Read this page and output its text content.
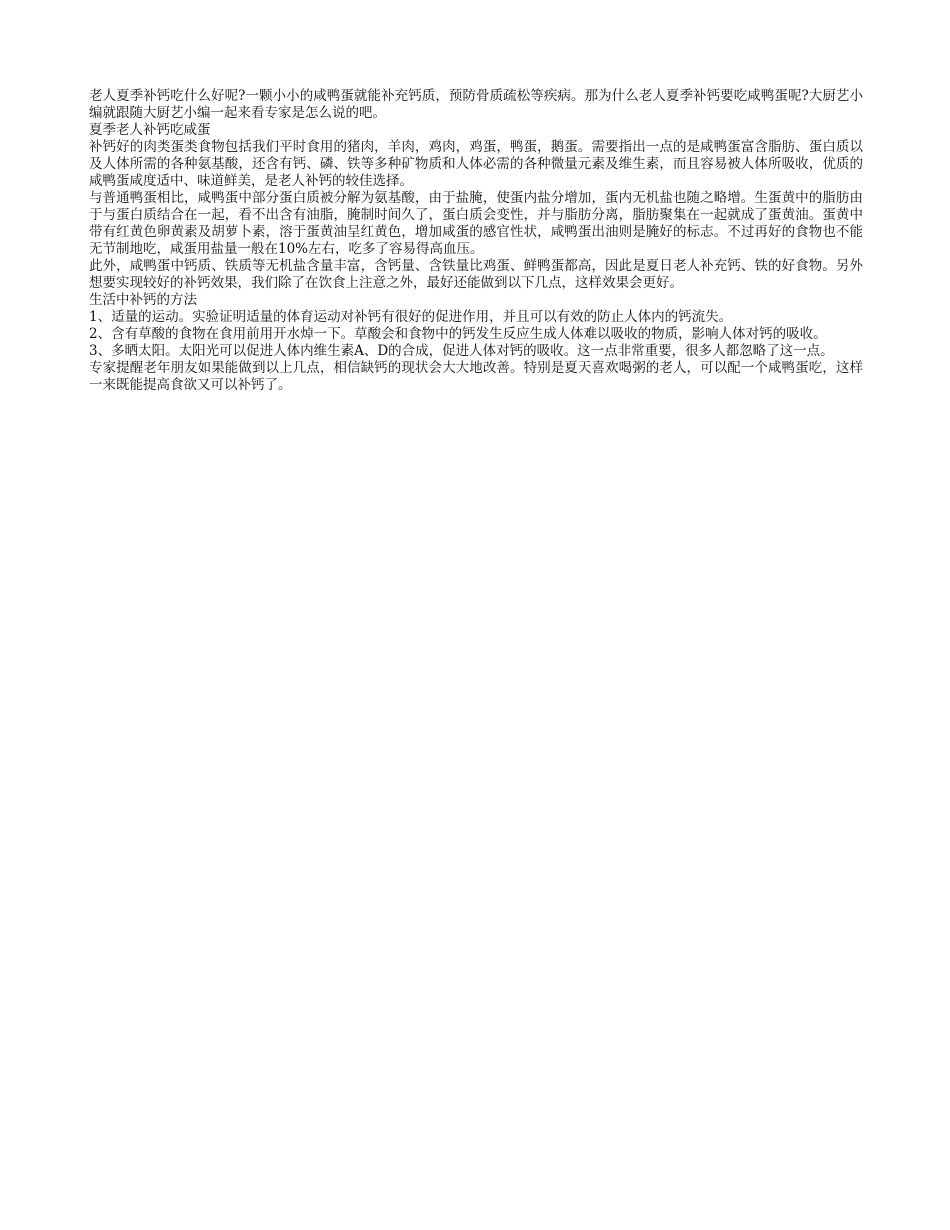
老人夏季补钙吃什么好呢?一颗小小的咸鸭蛋就能补充钙质，预防骨质疏松等疾病。那为什么老人夏季补钙要吃咸鸭蛋呢?大厨艺小编就跟随大厨艺小编一起来看专家是怎么说的吧。

夏季老人补钙吃咸蛋

补钙好的肉类蛋类食物包括我们平时食用的猪肉，羊肉，鸡肉，鸡蛋，鸭蛋，鹅蛋。需要指出一点的是咸鸭蛋富含脂肪、蛋白质以及人体所需的各种氨基酸，还含有钙、磷、铁等多种矿物质和人体必需的各种微量元素及维生素，而且容易被人体所吸收，优质的咸鸭蛋咸度适中、味道鲜美，是老人补钙的较佳选择。

与普通鸭蛋相比，咸鸭蛋中部分蛋白质被分解为氨基酸，由于盐腌，使蛋内盐分增加，蛋内无机盐也随之略增。生蛋黄中的脂肪由于与蛋白质结合在一起，看不出含有油脂，腌制时间久了，蛋白质会变性，并与脂肪分离，脂肪聚集在一起就成了蛋黄油。蛋黄中带有红黄色卵黄素及胡萝卜素，溶于蛋黄油呈红黄色，增加咸蛋的感官性状，咸鸭蛋出油则是腌好的标志。不过再好的食物也不能无节制地吃，咸蛋用盐量一般在10%左右，吃多了容易得高血压。

此外，咸鸭蛋中钙质、铁质等无机盐含量丰富，含钙量、含铁量比鸡蛋、鲜鸭蛋都高，因此是夏日老人补充钙、铁的好食物。另外想要实现较好的补钙效果，我们除了在饮食上注意之外，最好还能做到以下几点，这样效果会更好。

生活中补钙的方法

1、适量的运动。实验证明适量的体育运动对补钙有很好的促进作用，并且可以有效的防止人体内的钙流失。

2、含有草酸的食物在食用前用开水焯一下。草酸会和食物中的钙发生反应生成人体难以吸收的物质，影响人体对钙的吸收。

3、多晒太阳。太阳光可以促进人体内维生素A、D的合成，促进人体对钙的吸收。这一点非常重要，很多人都忽略了这一点。

专家提醒老年朋友如果能做到以上几点，相信缺钙的现状会大大地改善。特别是夏天喜欢喝粥的老人，可以配一个咸鸭蛋吃，这样一来既能提高食欲又可以补钙了。
